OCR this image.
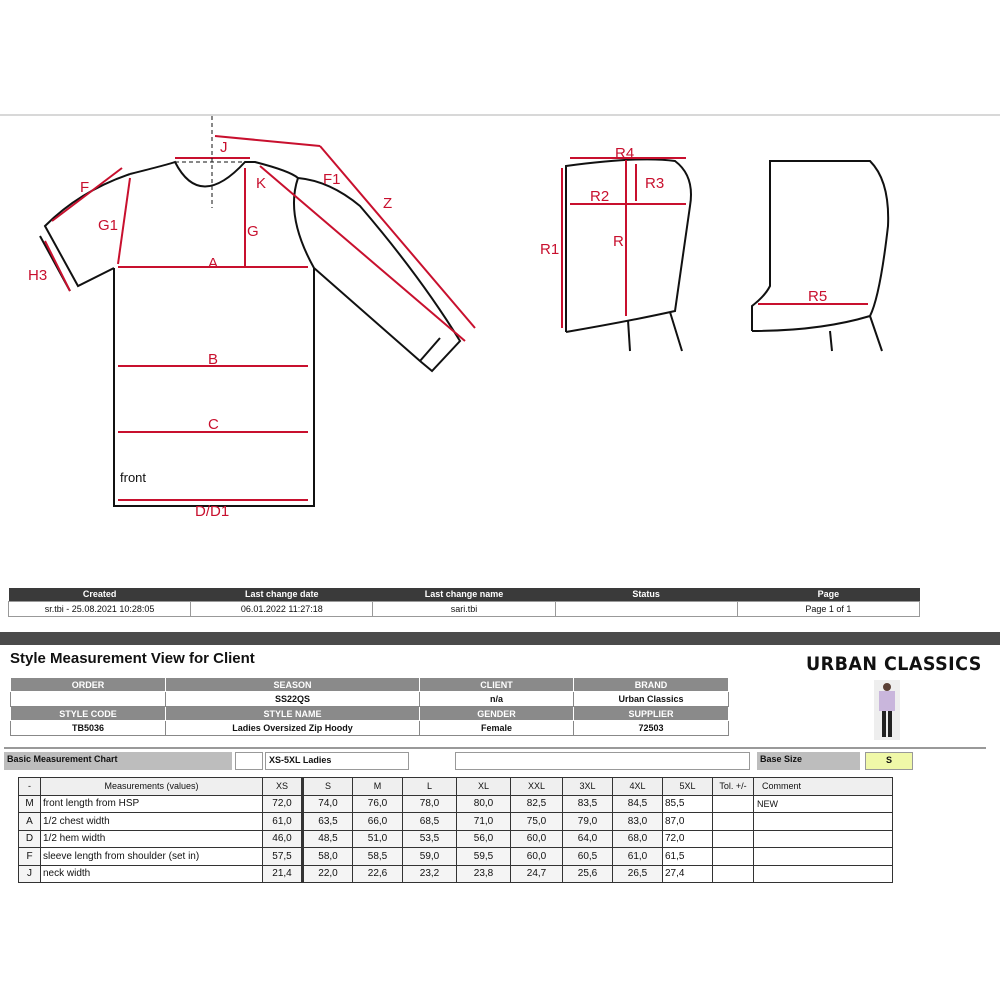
J
K
F	F1
Z
G1	G
H3
A
B
C
front
D/D1
R4
R3
R2
R1	R
R5
Created	Last change date	Last change name	Status	Page
sr.tbi - 25.08.2021 10:28:05	06.01.2022 11:27:18	sari.tbi		Page 1 of 1
Style Measurement View for Client	URBAN CLASSICS
ORDER	SEASON	CLIENT	BRAND
	SS22QS	n/a	Urban Classics
STYLE CODE	STYLE NAME	GENDER	SUPPLIER
TB5036	Ladies Oversized Zip Hoody	Female	72503
Basic Measurement Chart	XS-5XL Ladies	Base Size	S
-	Measurements (values)	XS	S	M	L	XL	XXL	3XL	4XL	5XL	Tol. +/-	Comment
M	front length from HSP	72,0	74,0	76,0	78,0	80,0	82,5	83,5	84,5	85,5		NEW
A	1/2 chest width	61,0	63,5	66,0	68,5	71,0	75,0	79,0	83,0	87,0		
D	1/2 hem width	46,0	48,5	51,0	53,5	56,0	60,0	64,0	68,0	72,0		
F	sleeve length from shoulder (set in)	57,5	58,0	58,5	59,0	59,5	60,0	60,5	61,0	61,5		
J	neck width	21,4	22,0	22,6	23,2	23,8	24,7	25,6	26,5	27,4		
